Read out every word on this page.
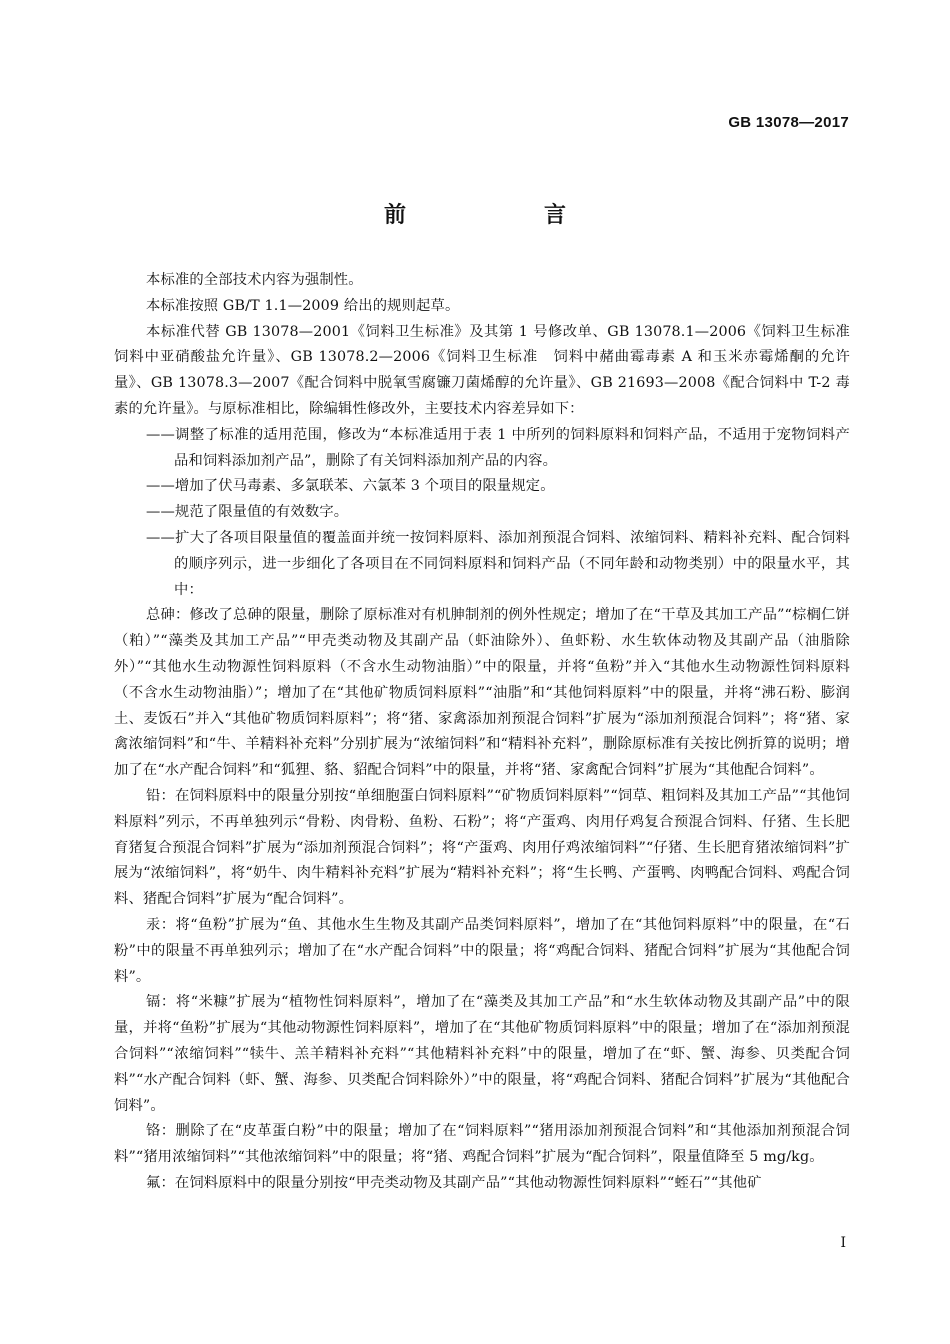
GB 13078—2017
前　言

本标准的全部技术内容为强制性。

本标准按照 GB/T 1.1—2009 给出的规则起草。

本标准代替 GB 13078—2001《饲料卫生标准》及其第 1 号修改单、GB 13078.1—2006《饲料卫生标准　饲料中亚硝酸盐允许量》、GB 13078.2—2006《饲料卫生标准　饲料中赭曲霉毒素 A 和玉米赤霉烯酮的允许量》、GB 13078.3—2007《配合饲料中脱氧雪腐镰刀菌烯醇的允许量》、GB 21693—2008《配合饲料中 T-2 毒素的允许量》。与原标准相比，除编辑性修改外，主要技术内容差异如下：

——调整了标准的适用范围，修改为“本标准适用于表 1 中所列的饲料原料和饲料产品，不适用于宠物饲料产品和饲料添加剂产品”，删除了有关饲料添加剂产品的内容。

——增加了伏马毒素、多氯联苯、六氯苯 3 个项目的限量规定。

——规范了限量值的有效数字。

——扩大了各项目限量值的覆盖面并统一按饲料原料、添加剂预混合饲料、浓缩饲料、精料补充料、配合饲料的顺序列示，进一步细化了各项目在不同饲料原料和饲料产品（不同年龄和动物类别）中的限量水平，其中：

总砷：修改了总砷的限量，删除了原标准对有机胂制剂的例外性规定；增加了在“干草及其加工产品”“棕榈仁饼（粕）”“藻类及其加工产品”“甲壳类动物及其副产品（虾油除外）、鱼虾粉、水生软体动物及其副产品（油脂除外）”“其他水生动物源性饲料原料（不含水生动物油脂）”中的限量，并将“鱼粉”并入“其他水生动物源性饲料原料（不含水生动物油脂）”；增加了在“其他矿物质饲料原料”“油脂”和“其他饲料原料”中的限量，并将“沸石粉、膨润土、麦饭石”并入“其他矿物质饲料原料”；将“猪、家禽添加剂预混合饲料”扩展为“添加剂预混合饲料”；将“猪、家禽浓缩饲料”和“牛、羊精料补充料”分别扩展为“浓缩饲料”和“精料补充料”，删除原标准有关按比例折算的说明；增加了在“水产配合饲料”和“狐狸、貉、貂配合饲料”中的限量，并将“猪、家禽配合饲料”扩展为“其他配合饲料”。

铅：在饲料原料中的限量分别按“单细胞蛋白饲料原料”“矿物质饲料原料”“饲草、粗饲料及其加工产品”“其他饲料原料”列示，不再单独列示“骨粉、肉骨粉、鱼粉、石粉”；将“产蛋鸡、肉用仔鸡复合预混合饲料、仔猪、生长肥育猪复合预混合饲料”扩展为“添加剂预混合饲料”；将“产蛋鸡、肉用仔鸡浓缩饲料”“仔猪、生长肥育猪浓缩饲料”扩展为“浓缩饲料”，将“奶牛、肉牛精料补充料”扩展为“精料补充料”；将“生长鸭、产蛋鸭、肉鸭配合饲料、鸡配合饲料、猪配合饲料”扩展为“配合饲料”。

汞：将“鱼粉”扩展为“鱼、其他水生生物及其副产品类饲料原料”，增加了在“其他饲料原料”中的限量，在“石粉”中的限量不再单独列示；增加了在“水产配合饲料”中的限量；将“鸡配合饲料、猪配合饲料”扩展为“其他配合饲料”。

镉：将“米糠”扩展为“植物性饲料原料”，增加了在“藻类及其加工产品”和“水生软体动物及其副产品”中的限量，并将“鱼粉”扩展为“其他动物源性饲料原料”，增加了在“其他矿物质饲料原料”中的限量；增加了在“添加剂预混合饲料”“浓缩饲料”“犊牛、羔羊精料补充料”“其他精料补充料”中的限量，增加了在“虾、蟹、海参、贝类配合饲料”“水产配合饲料（虾、蟹、海参、贝类配合饲料除外）”中的限量，将“鸡配合饲料、猪配合饲料”扩展为“其他配合饲料”。

铬：删除了在“皮革蛋白粉”中的限量；增加了在“饲料原料”“猪用添加剂预混合饲料”和“其他添加剂预混合饲料”“猪用浓缩饲料”“其他浓缩饲料”中的限量；将“猪、鸡配合饲料”扩展为“配合饲料”，限量值降至 5 mg/kg。

氟：在饲料原料中的限量分别按“甲壳类动物及其副产品”“其他动物源性饲料原料”“蛭石”“其他矿

I
